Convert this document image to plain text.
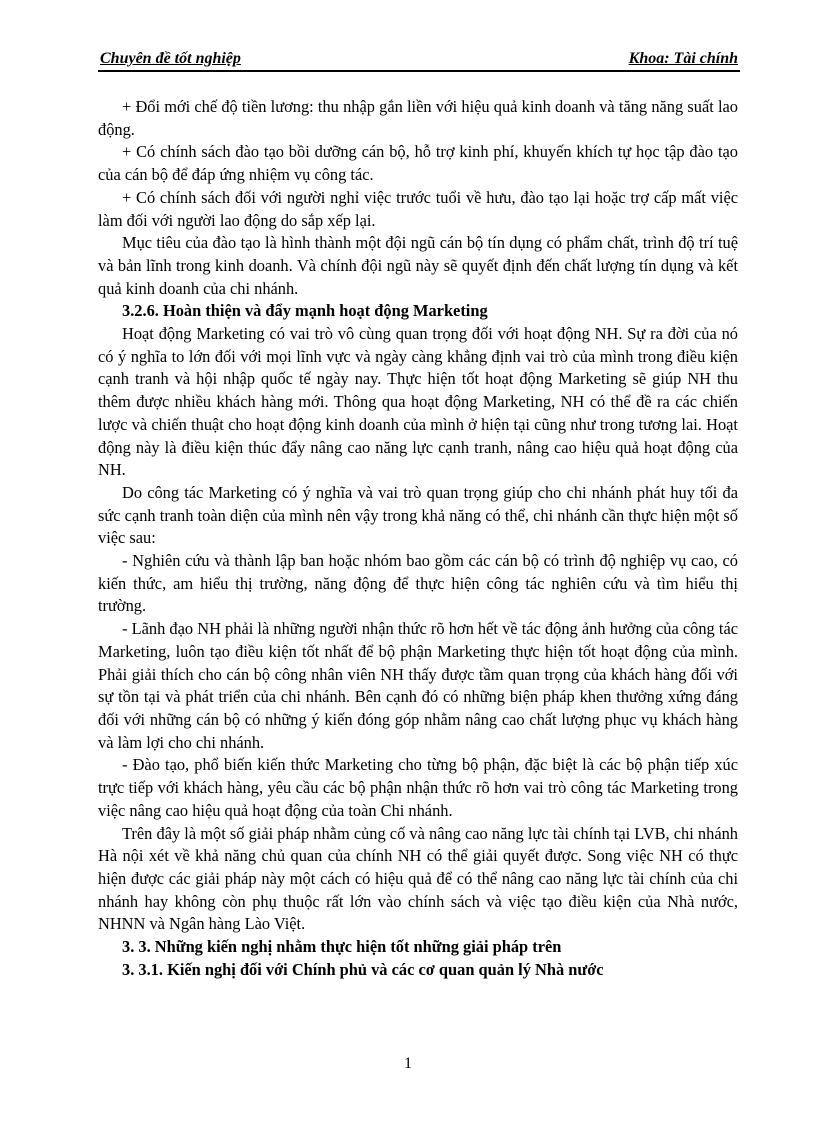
Chuyên đề tốt nghiệp	Khoa: Tài chính

+ Đổi mới chế độ tiền lương: thu nhập gắn liền với hiệu quả kinh doanh và tăng năng suất lao động.

+ Có chính sách đào tạo bồi dưỡng cán bộ, hỗ trợ kinh phí, khuyến khích tự học tập đào tạo của cán bộ để đáp ứng nhiệm vụ công tác.

+ Có chính sách đối với người nghỉ việc trước tuổi về hưu, đào tạo lại hoặc trợ cấp mất việc làm đối với người lao động do sắp xếp lại.

Mục tiêu của đào tạo là hình thành một đội ngũ cán bộ tín dụng có phẩm chất, trình độ trí tuệ và bản lĩnh trong kinh doanh. Và chính đội ngũ này sẽ quyết định đến chất lượng tín dụng và kết quả kinh doanh của chi nhánh.

3.2.6. Hoàn thiện và đẩy mạnh hoạt động Marketing

Hoạt động Marketing có vai trò vô cùng quan trọng đối với hoạt động NH. Sự ra đời của nó có ý nghĩa to lớn đối với mọi lĩnh vực và ngày càng khẳng định vai trò của mình trong điều kiện cạnh tranh và hội nhập quốc tế ngày nay. Thực hiện tốt hoạt động Marketing sẽ giúp NH thu thêm được nhiều khách hàng mới. Thông qua hoạt động Marketing, NH có thể đề ra các chiến lược và chiến thuật cho hoạt động kinh doanh của mình ở hiện tại cũng như trong tương lai. Hoạt động này là điều kiện thúc đẩy nâng cao năng lực cạnh tranh, nâng cao hiệu quả hoạt động của NH.

Do công tác Marketing có ý nghĩa và vai trò quan trọng giúp cho chi nhánh phát huy tối đa sức cạnh tranh toàn diện của mình nên vậy trong khả năng có thể, chi nhánh cần thực hiện một số việc sau:

- Nghiên cứu và thành lập ban hoặc nhóm bao gồm các cán bộ có trình độ nghiệp vụ cao, có kiến thức, am hiểu thị trường, năng động để thực hiện công tác nghiên cứu và tìm hiểu thị trường.

- Lãnh đạo NH phải là những người nhận thức rõ hơn hết về tác động ảnh hưởng của công tác Marketing, luôn tạo điều kiện tốt nhất để bộ phận Marketing thực hiện tốt hoạt động của mình. Phải giải thích cho cán bộ công nhân viên NH thấy được tầm quan trọng của khách hàng đối với sự tồn tại và phát triển của chi nhánh. Bên cạnh đó có những biện pháp khen thưởng xứng đáng đối với những cán bộ có những ý kiến đóng góp nhằm nâng cao chất lượng phục vụ khách hàng và làm lợi cho chi nhánh.

- Đào tạo, phổ biến kiến thức Marketing cho từng bộ phận, đặc biệt là các bộ phận tiếp xúc trực tiếp với khách hàng, yêu cầu các bộ phận nhận thức rõ hơn vai trò công tác Marketing trong việc nâng cao hiệu quả hoạt động của toàn Chi nhánh.

Trên đây là một số giải pháp nhằm củng cố và nâng cao năng lực tài chính tại LVB, chi nhánh Hà nội xét về khả năng chủ quan của chính NH có thể giải quyết được. Song việc NH có thực hiện được các giải pháp này một cách có hiệu quả để có thể nâng cao năng lực tài chính của chi nhánh hay không còn phụ thuộc rất lớn vào chính sách và việc tạo điều kiện của Nhà nước, NHNN và Ngân hàng Lào Việt.

3. 3. Những kiến nghị nhằm thực hiện tốt những giải pháp trên

3. 3.1. Kiến nghị đối với Chính phủ và các cơ quan quản lý Nhà nước

1
